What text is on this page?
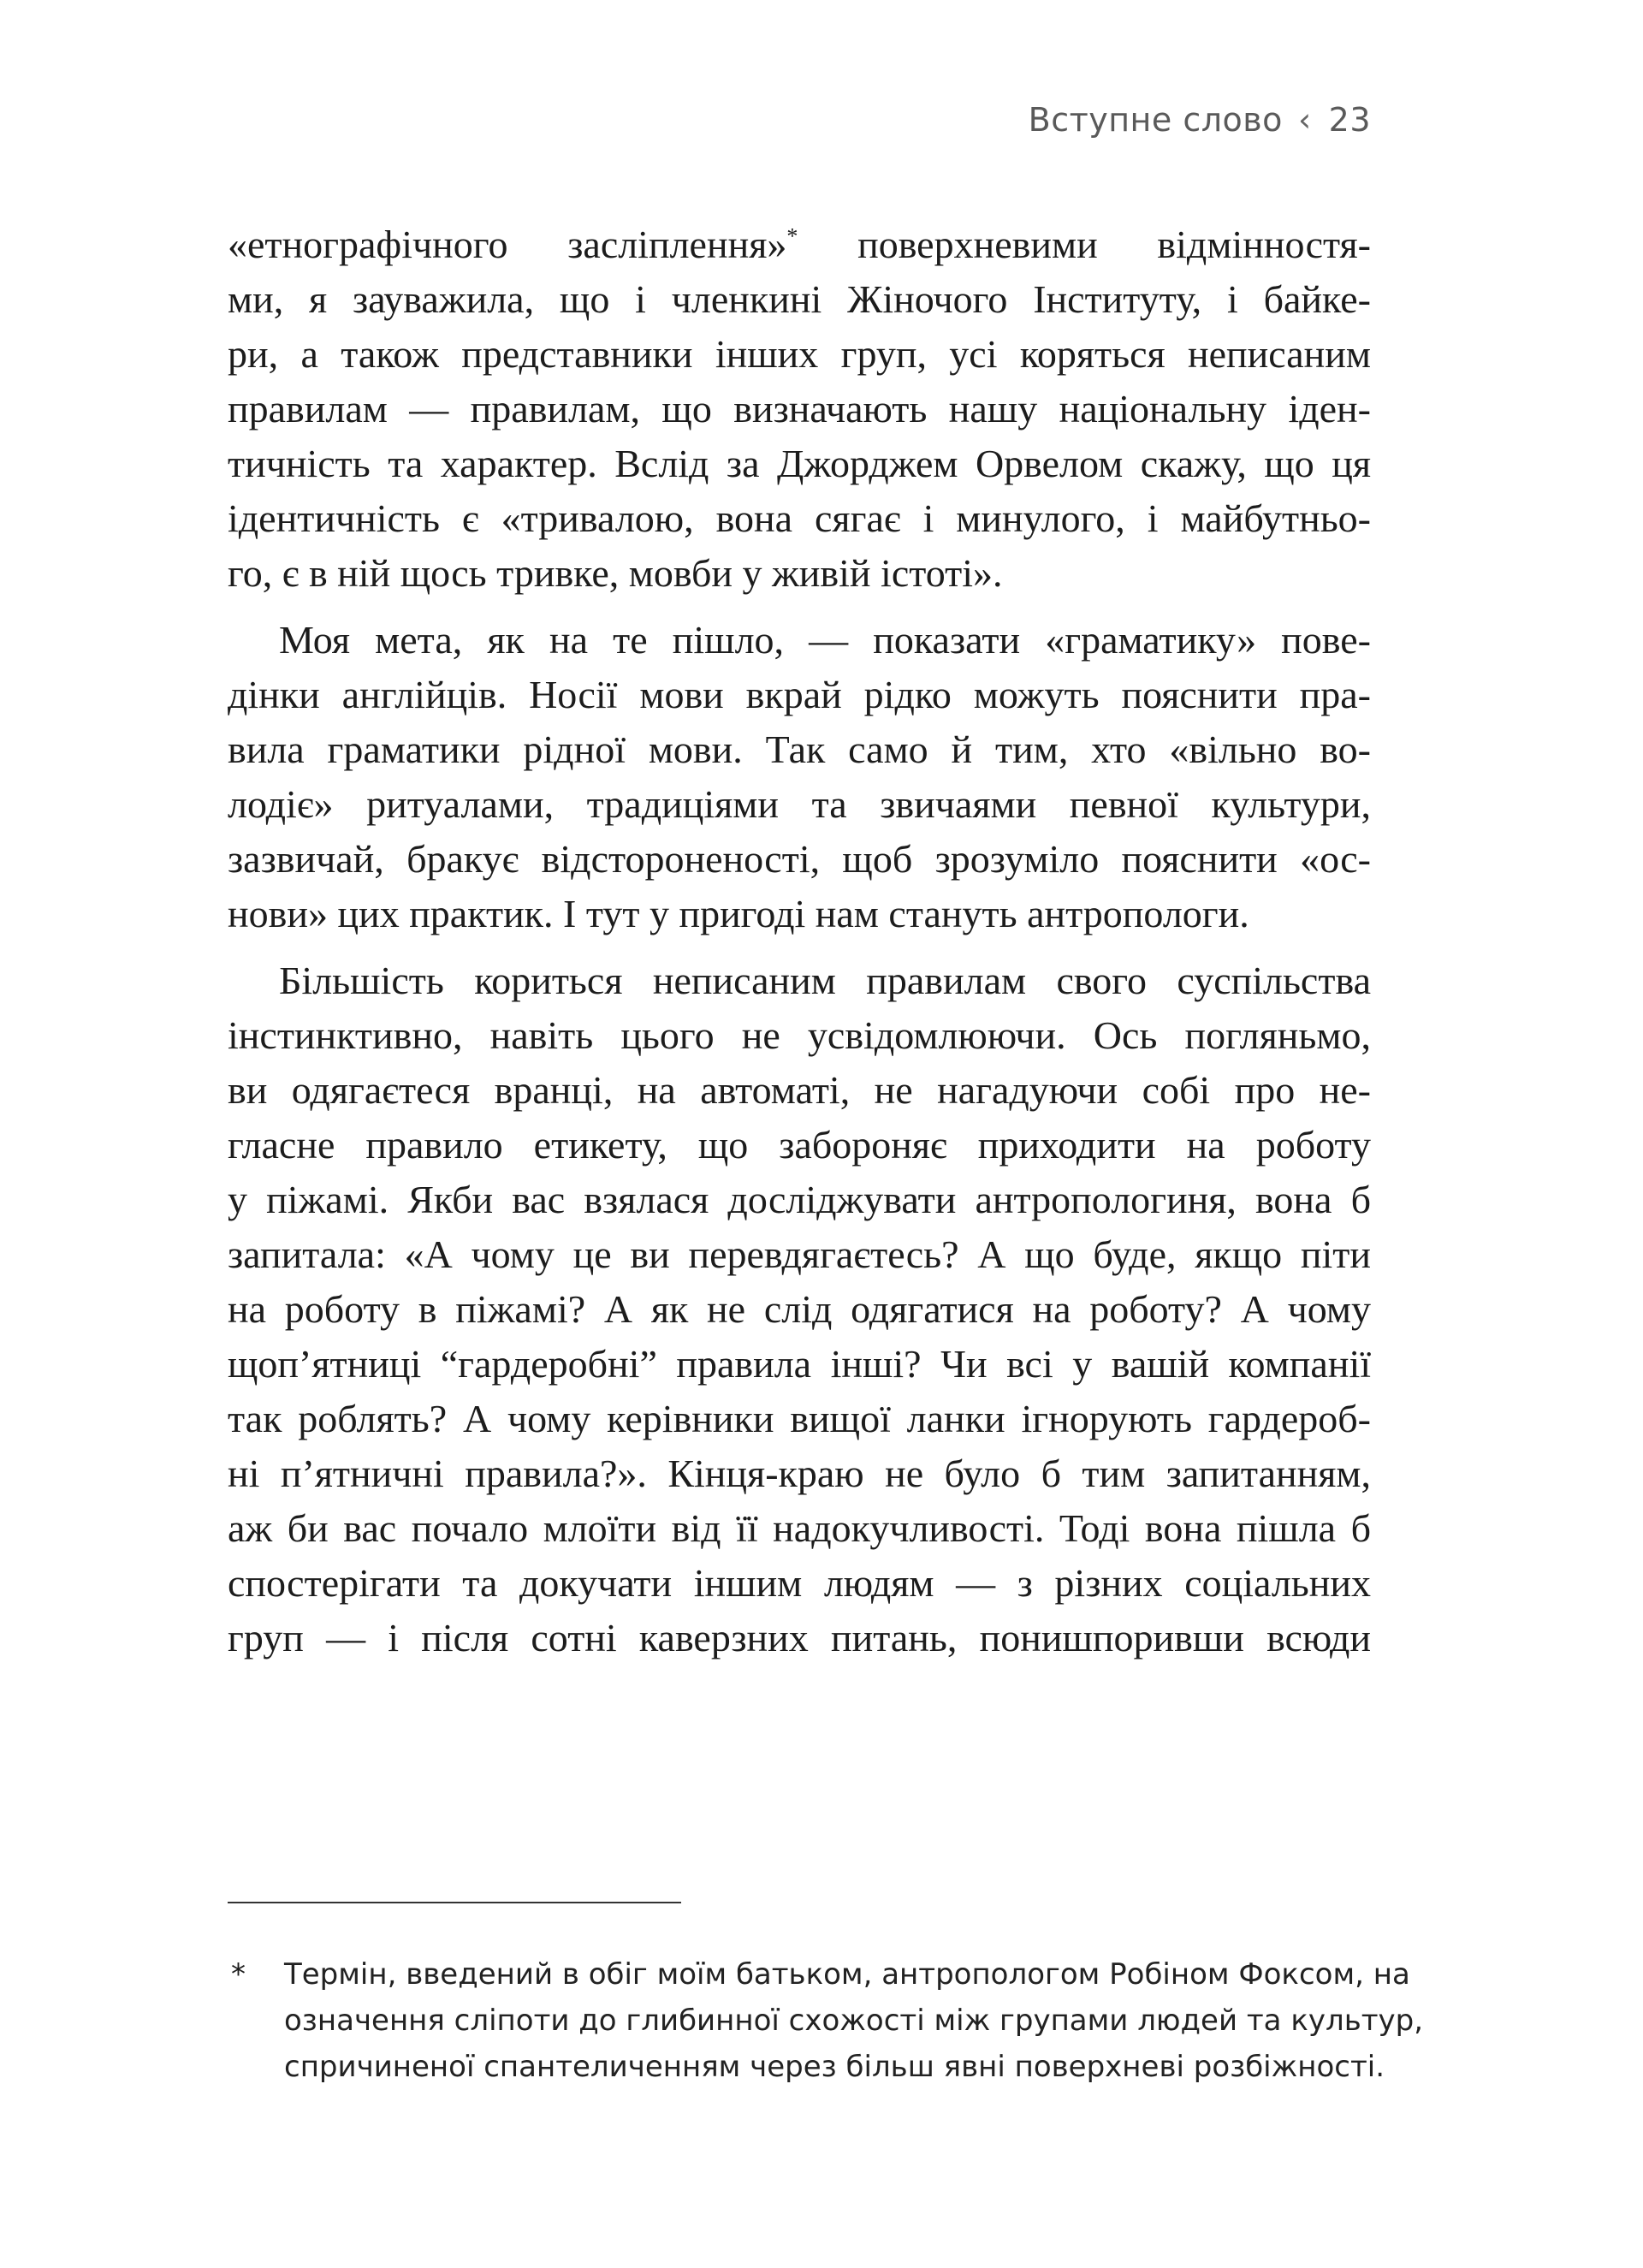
Вступне слово ‹ 23
«етнографічного засліплення»* поверхневими відмінностя-
ми, я зауважила, що і членкині Жіночого Інституту, і байке-
ри, а також представники інших груп, усі коряться неписаним
правилам — правилам, що визначають нашу національну іден-
тичність та характер. Вслід за Джорджем Орвелом скажу, що ця
ідентичність є «тривалою, вона сягає і минулого, і майбутньо-
го, є в ній щось тривке, мовби у живій істоті».
Моя мета, як на те пішло, — показати «граматику» пове-
дінки англійців. Носії мови вкрай рідко можуть пояснити пра-
вила граматики рідної мови. Так само й тим, хто «вільно во-
лодіє» ритуалами, традиціями та звичаями певної культури,
зазвичай, бракує відстороненості, щоб зрозуміло пояснити «ос-
нови» цих практик. І тут у пригоді нам стануть антропологи.
Більшість кориться неписаним правилам свого суспільства
інстинктивно, навіть цього не усвідомлюючи. Ось погляньмо,
ви одягаєтеся вранці, на автоматі, не нагадуючи собі про не-
гласне правило етикету, що забороняє приходити на роботу
у піжамі. Якби вас взялася досліджувати антропологиня, вона б
запитала: «А чому це ви перевдягаєтесь? А що буде, якщо піти
на роботу в піжамі? А як не слід одягатися на роботу? А чому
щоп’ятниці “гардеробні” правила інші? Чи всі у вашій компанії
так роблять? А чому керівники вищої ланки ігнорують гардероб-
ні п’ятничні правила?». Кінця-краю не було б тим запитанням,
аж би вас почало млоїти від її надокучливості. Тоді вона пішла б
спостерігати та докучати іншим людям — з різних соціальних
груп — і після сотні каверзних питань, понишпоривши всюди
* Термін, введений в обіг моїм батьком, антропологом Робіном Фоксом, на
означення сліпоти до глибинної схожості між групами людей та культур,
спричиненої спантеличенням через більш явні поверхневі розбіжності.
